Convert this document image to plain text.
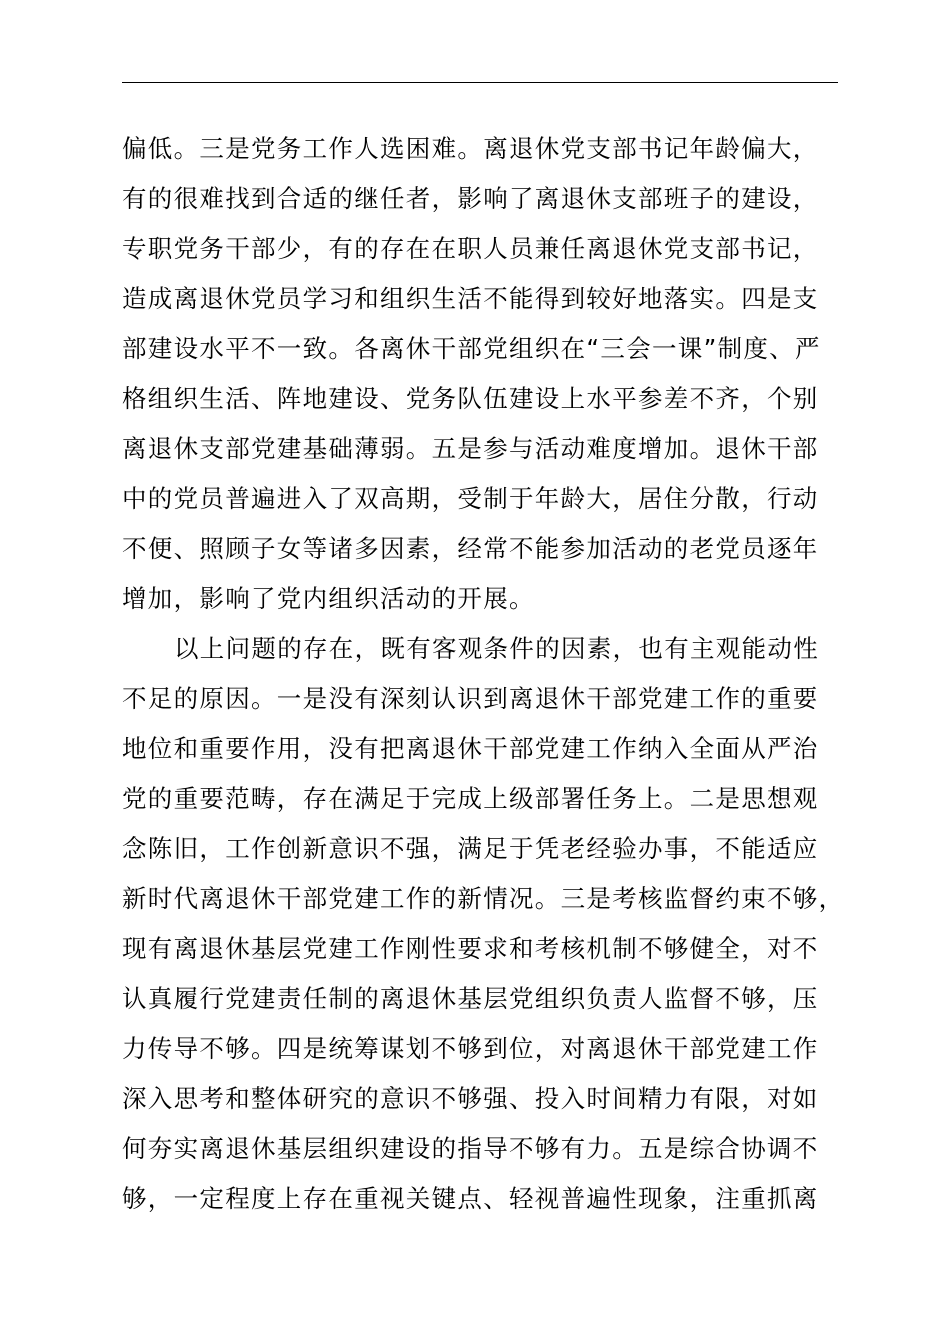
偏低。三是党务工作人选困难。离退休党支部书记年龄偏大，
有的很难找到合适的继任者，影响了离退休支部班子的建设，
专职党务干部少，有的存在在职人员兼任离退休党支部书记，
造成离退休党员学习和组织生活不能得到较好地落实。四是支
部建设水平不一致。各离休干部党组织在“三会一课”制度、严
格组织生活、阵地建设、党务队伍建设上水平参差不齐，个别
离退休支部党建基础薄弱。五是参与活动难度增加。退休干部
中的党员普遍进入了双高期，受制于年龄大，居住分散，行动
不便、照顾子女等诸多因素，经常不能参加活动的老党员逐年
增加，影响了党内组织活动的开展。
以上问题的存在，既有客观条件的因素，也有主观能动性
不足的原因。一是没有深刻认识到离退休干部党建工作的重要
地位和重要作用，没有把离退休干部党建工作纳入全面从严治
党的重要范畴，存在满足于完成上级部署任务上。二是思想观
念陈旧，工作创新意识不强，满足于凭老经验办事，不能适应
新时代离退休干部党建工作的新情况。三是考核监督约束不够，
现有离退休基层党建工作刚性要求和考核机制不够健全，对不
认真履行党建责任制的离退休基层党组织负责人监督不够，压
力传导不够。四是统筹谋划不够到位，对离退休干部党建工作
深入思考和整体研究的意识不够强、投入时间精力有限，对如
何夯实离退休基层组织建设的指导不够有力。五是综合协调不
够，一定程度上存在重视关键点、轻视普遍性现象，注重抓离
